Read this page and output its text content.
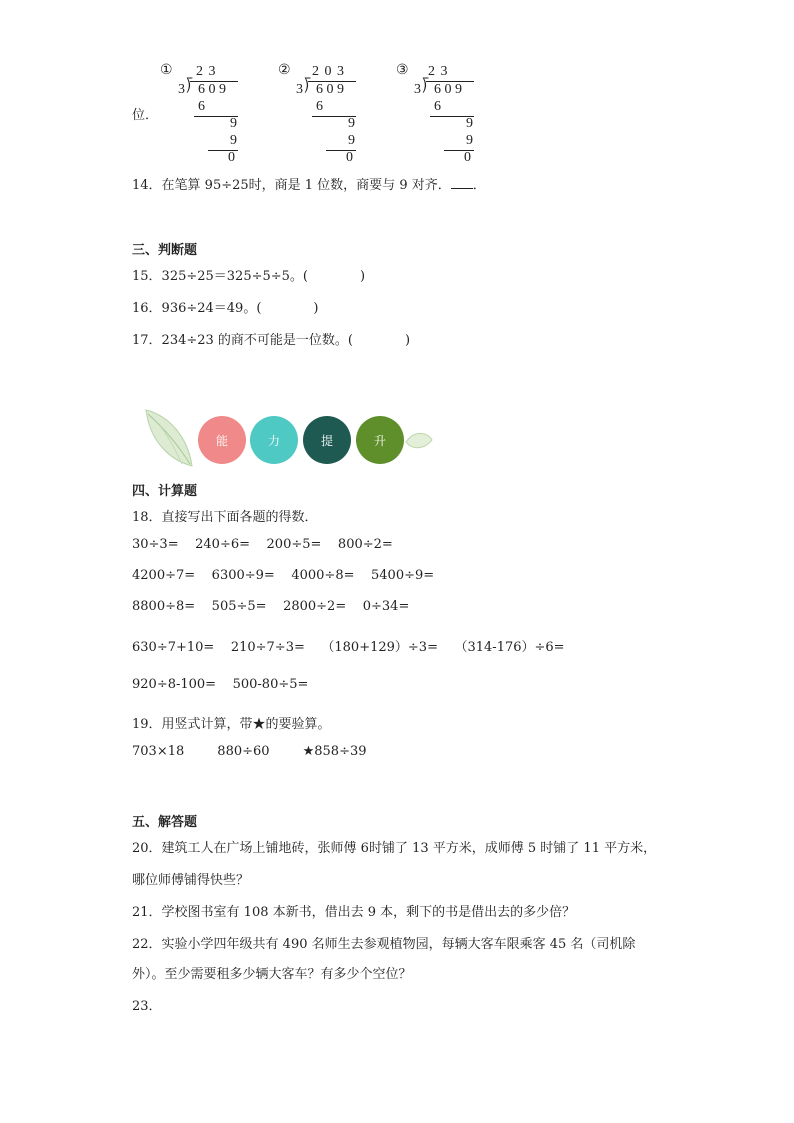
位．
① 2 3
3 ⟌ 6 0 9
6
9
9
0
② 2 0 3
3 ⟌ 6 0 9
6
9
9
0
③ 2 3
3 ⟌ 6 0 9
6
9
9
0
14．在笔算 95÷25时，商是 1 位数，商要与 9 对齐． ．
三、判断题
15．325÷25＝325÷5÷5。(	)
16．936÷24＝49。(	)
17．234÷23 的商不可能是一位数。(	)
能	力	提	升
四、计算题
18．直接写出下面各题的得数．
30÷3=    240÷6=    200÷5=    800÷2=
4200÷7=    6300÷9=    4000÷8=    5400÷9=
8800÷8=    505÷5=    2800÷2=    0÷34=
630÷7+10=    210÷7÷3=    （180+129）÷3=    （314-176）÷6=
920÷8-100=    500-80÷5=
19．用竖式计算，带★的要验算。
703×18        880÷60        ★858÷39
五、解答题
20．建筑工人在广场上铺地砖，张师傅 6时铺了 13 平方米，成师傅 5 时铺了 11 平方米，
哪位师傅铺得快些？
21．学校图书室有 108 本新书，借出去 9 本，剩下的书是借出去的多少倍？
22．实验小学四年级共有 490 名师生去参观植物园，每辆大客车限乘客 45 名（司机除
外）。至少需要租多少辆大客车？有多少个空位？
23．
